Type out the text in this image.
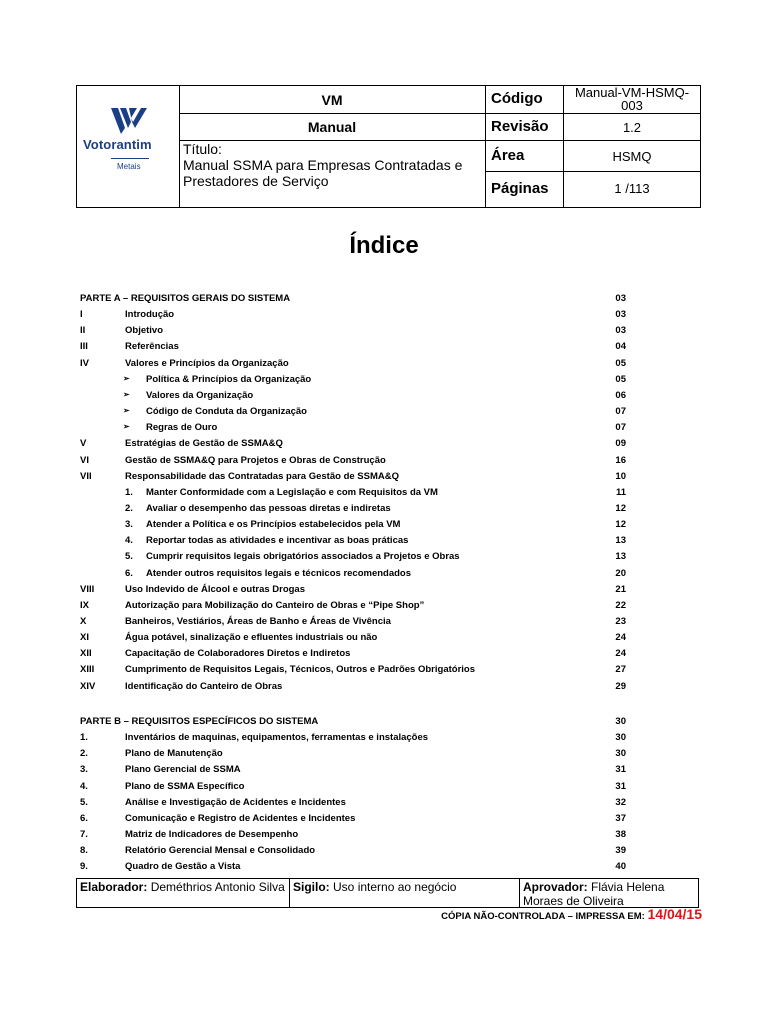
Votorantim
Metais
VM
Manual
Título:
Manual SSMA para Empresas Contratadas e Prestadores de Serviço
Código	Manual-VM-HSMQ-003
Revisão	1.2
Área	HSMQ
Páginas	1 /113
Índice
PARTE A – REQUISITOS GERAIS DO SISTEMA	03
I	Introdução	03
II	Objetivo	03
III	Referências	04
IV	Valores e Princípios da Organização	05
➢ Política & Princípios da Organização	05
➢ Valores da Organização	06
➢ Código de Conduta da Organização	07
➢ Regras de Ouro	07
V	Estratégias de Gestão de SSMA&Q	09
VI	Gestão de SSMA&Q para Projetos e Obras de Construção	16
VII	Responsabilidade das Contratadas para Gestão de SSMA&Q	10
1. Manter Conformidade com a Legislação e com Requisitos da VM	11
2. Avaliar o desempenho das pessoas diretas e indiretas	12
3. Atender a Política e os Princípios estabelecidos pela VM	12
4. Reportar todas as atividades e incentivar as boas práticas	13
5. Cumprir requisitos legais obrigatórios associados a Projetos e Obras	13
6. Atender outros requisitos legais e técnicos recomendados	20
VIII	Uso Indevido de Álcool e outras Drogas	21
IX	Autorização para Mobilização do Canteiro de Obras e “Pipe Shop”	22
X	Banheiros, Vestiários, Áreas de Banho e Áreas de Vivência	23
XI	Água potável, sinalização e efluentes industriais ou não	24
XII	Capacitação de Colaboradores Diretos e Indiretos	24
XIII	Cumprimento de Requisitos Legais, Técnicos, Outros e Padrões Obrigatórios	27
XIV	Identificação do Canteiro de Obras	29
PARTE B – REQUISITOS ESPECÍFICOS DO SISTEMA	30
1.	Inventários de maquinas, equipamentos, ferramentas e instalações	30
2.	Plano de Manutenção	30
3.	Plano Gerencial de SSMA	31
4.	Plano de SSMA Específico	31
5.	Análise e Investigação de Acidentes e Incidentes	32
6.	Comunicação e Registro de Acidentes e Incidentes	37
7.	Matriz de Indicadores de Desempenho	38
8.	Relatório Gerencial Mensal e Consolidado	39
9.	Quadro de Gestão a Vista	40
Elaborador: Deméthrios Antonio Silva Sigilo: Uso interno ao negócio	Aprovador: Flávia Helena Moraes de Oliveira
CÓPIA NÃO-CONTROLADA – IMPRESSA EM: 14/04/15
